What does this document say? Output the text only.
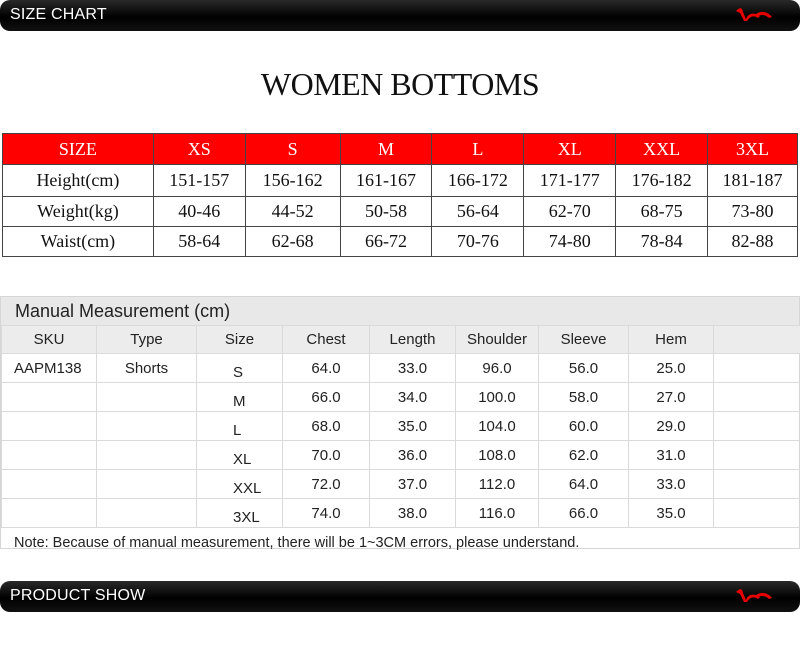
SIZE CHART
WOMEN BOTTOMS
SIZE	XS	S	M	L	XL	XXL	3XL
Height(cm)	151-157	156-162	161-167	166-172	171-177	176-182	181-187
Weight(kg)	40-46	44-52	50-58	56-64	62-70	68-75	73-80
Waist(cm)	58-64	62-68	66-72	70-76	74-80	78-84	82-88
Manual Measurement (cm)
SKU	Type	Size	Chest	Length	Shoulder	Sleeve	Hem	
AAPM138	Shorts	S	64.0	33.0	96.0	56.0	25.0	
		M	66.0	34.0	100.0	58.0	27.0	
		L	68.0	35.0	104.0	60.0	29.0	
		XL	70.0	36.0	108.0	62.0	31.0	
		XXL	72.0	37.0	112.0	64.0	33.0	
		3XL	74.0	38.0	116.0	66.0	35.0	
Note: Because of manual measurement, there will be 1~3CM errors, please understand.
PRODUCT SHOW
